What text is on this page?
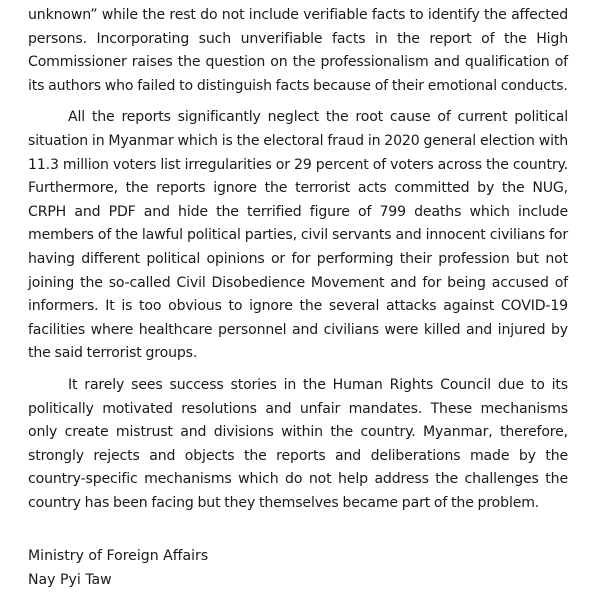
unknown” while the rest do not include verifiable facts to identify the affected persons. Incorporating such unverifiable facts in the report of the High Commissioner raises the question on the professionalism and qualification of its authors who failed to distinguish facts because of their emotional conducts.

All the reports significantly neglect the root cause of current political situation in Myanmar which is the electoral fraud in 2020 general election with 11.3 million voters list irregularities or 29 percent of voters across the country. Furthermore, the reports ignore the terrorist acts committed by the NUG, CRPH and PDF and hide the terrified figure of 799 deaths which include members of the lawful political parties, civil servants and innocent civilians for having different political opinions or for performing their profession but not joining the so-called Civil Disobedience Movement and for being accused of informers. It is too obvious to ignore the several attacks against COVID-19 facilities where healthcare personnel and civilians were killed and injured by the said terrorist groups.

It rarely sees success stories in the Human Rights Council due to its politically motivated resolutions and unfair mandates. These mechanisms only create mistrust and divisions within the country. Myanmar, therefore, strongly rejects and objects the reports and deliberations made by the country-specific mechanisms which do not help address the challenges the country has been facing but they themselves became part of the problem.

Ministry of Foreign Affairs
Nay Pyi Taw
